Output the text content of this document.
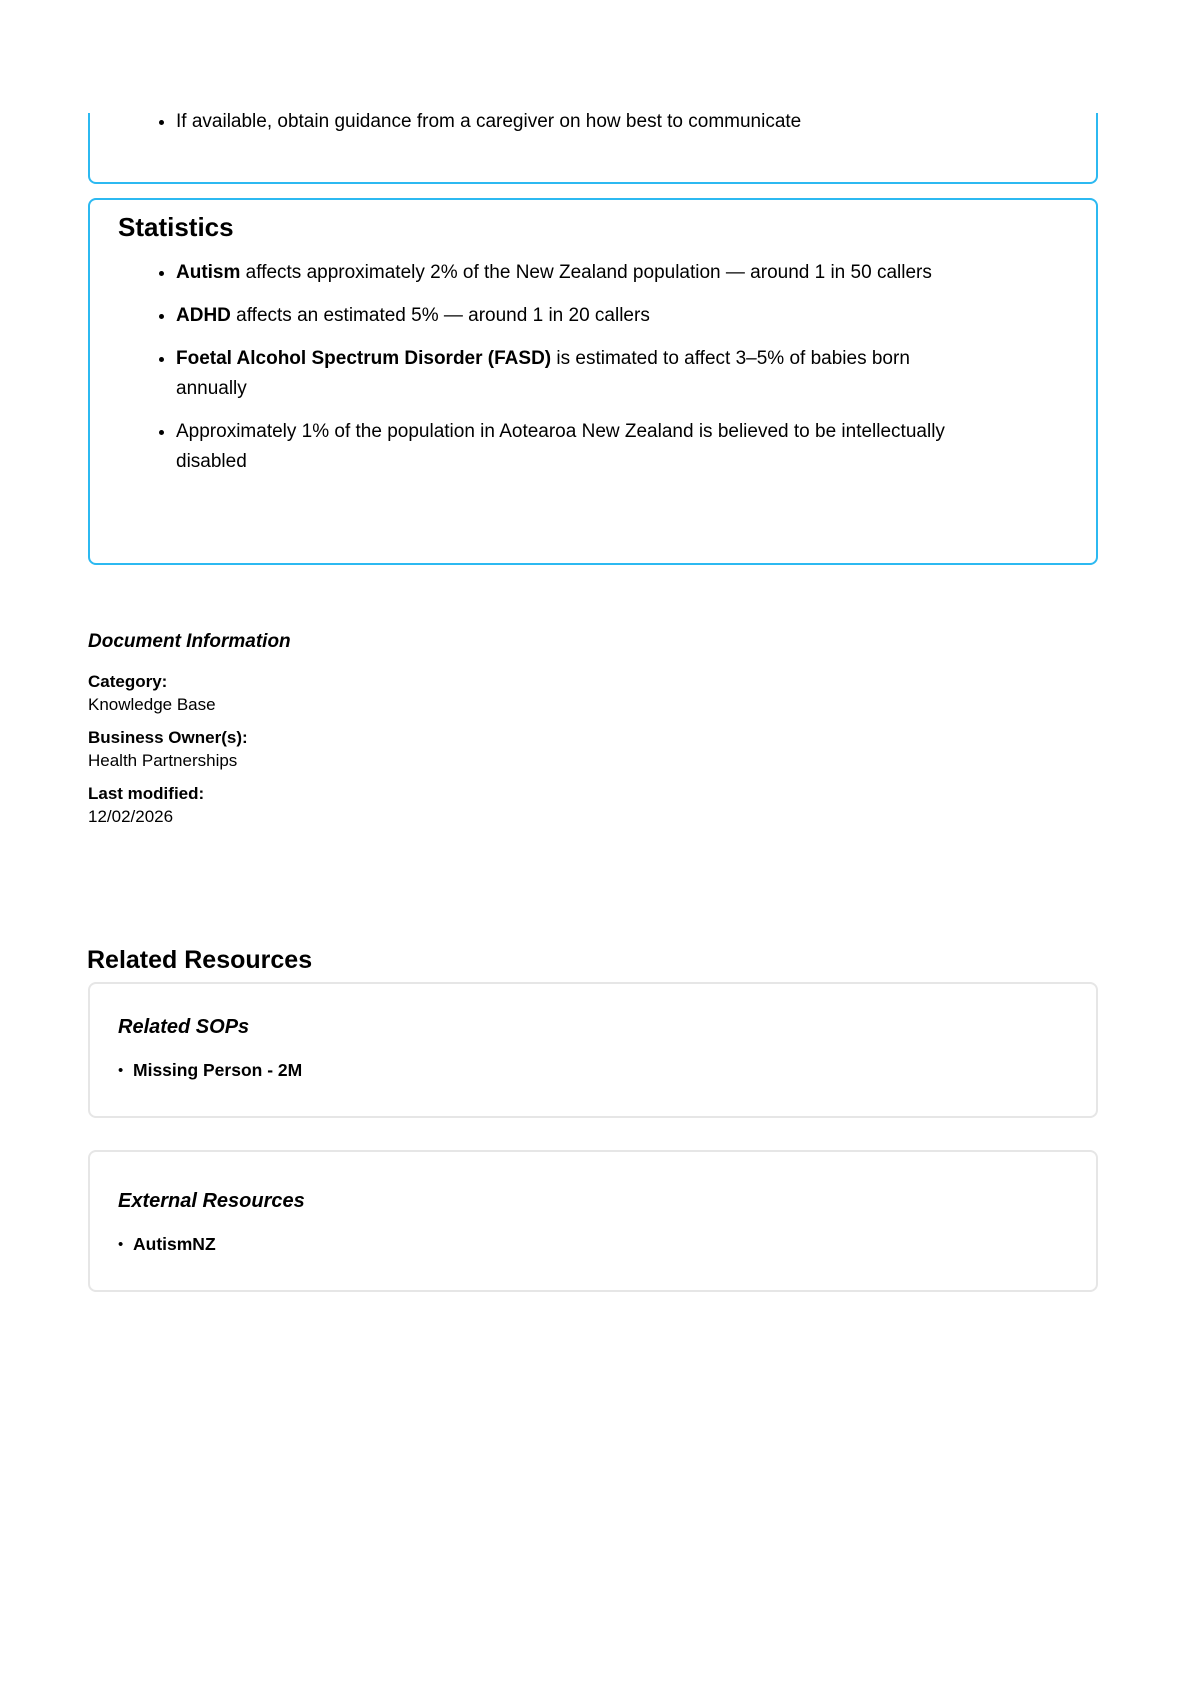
• If available, obtain guidance from a caregiver on how best to communicate
Statistics
• Autism affects approximately 2% of the New Zealand population — around 1 in 50 callers
• ADHD affects an estimated 5% — around 1 in 20 callers
• Foetal Alcohol Spectrum Disorder (FASD) is estimated to affect 3–5% of babies born annually
• Approximately 1% of the population in Aotearoa New Zealand is believed to be intellectually disabled
Document Information
Category:
Knowledge Base
Business Owner(s):
Health Partnerships
Last modified:
12/02/2026
Related Resources
Related SOPs
• Missing Person - 2M
External Resources
• AutismNZ
